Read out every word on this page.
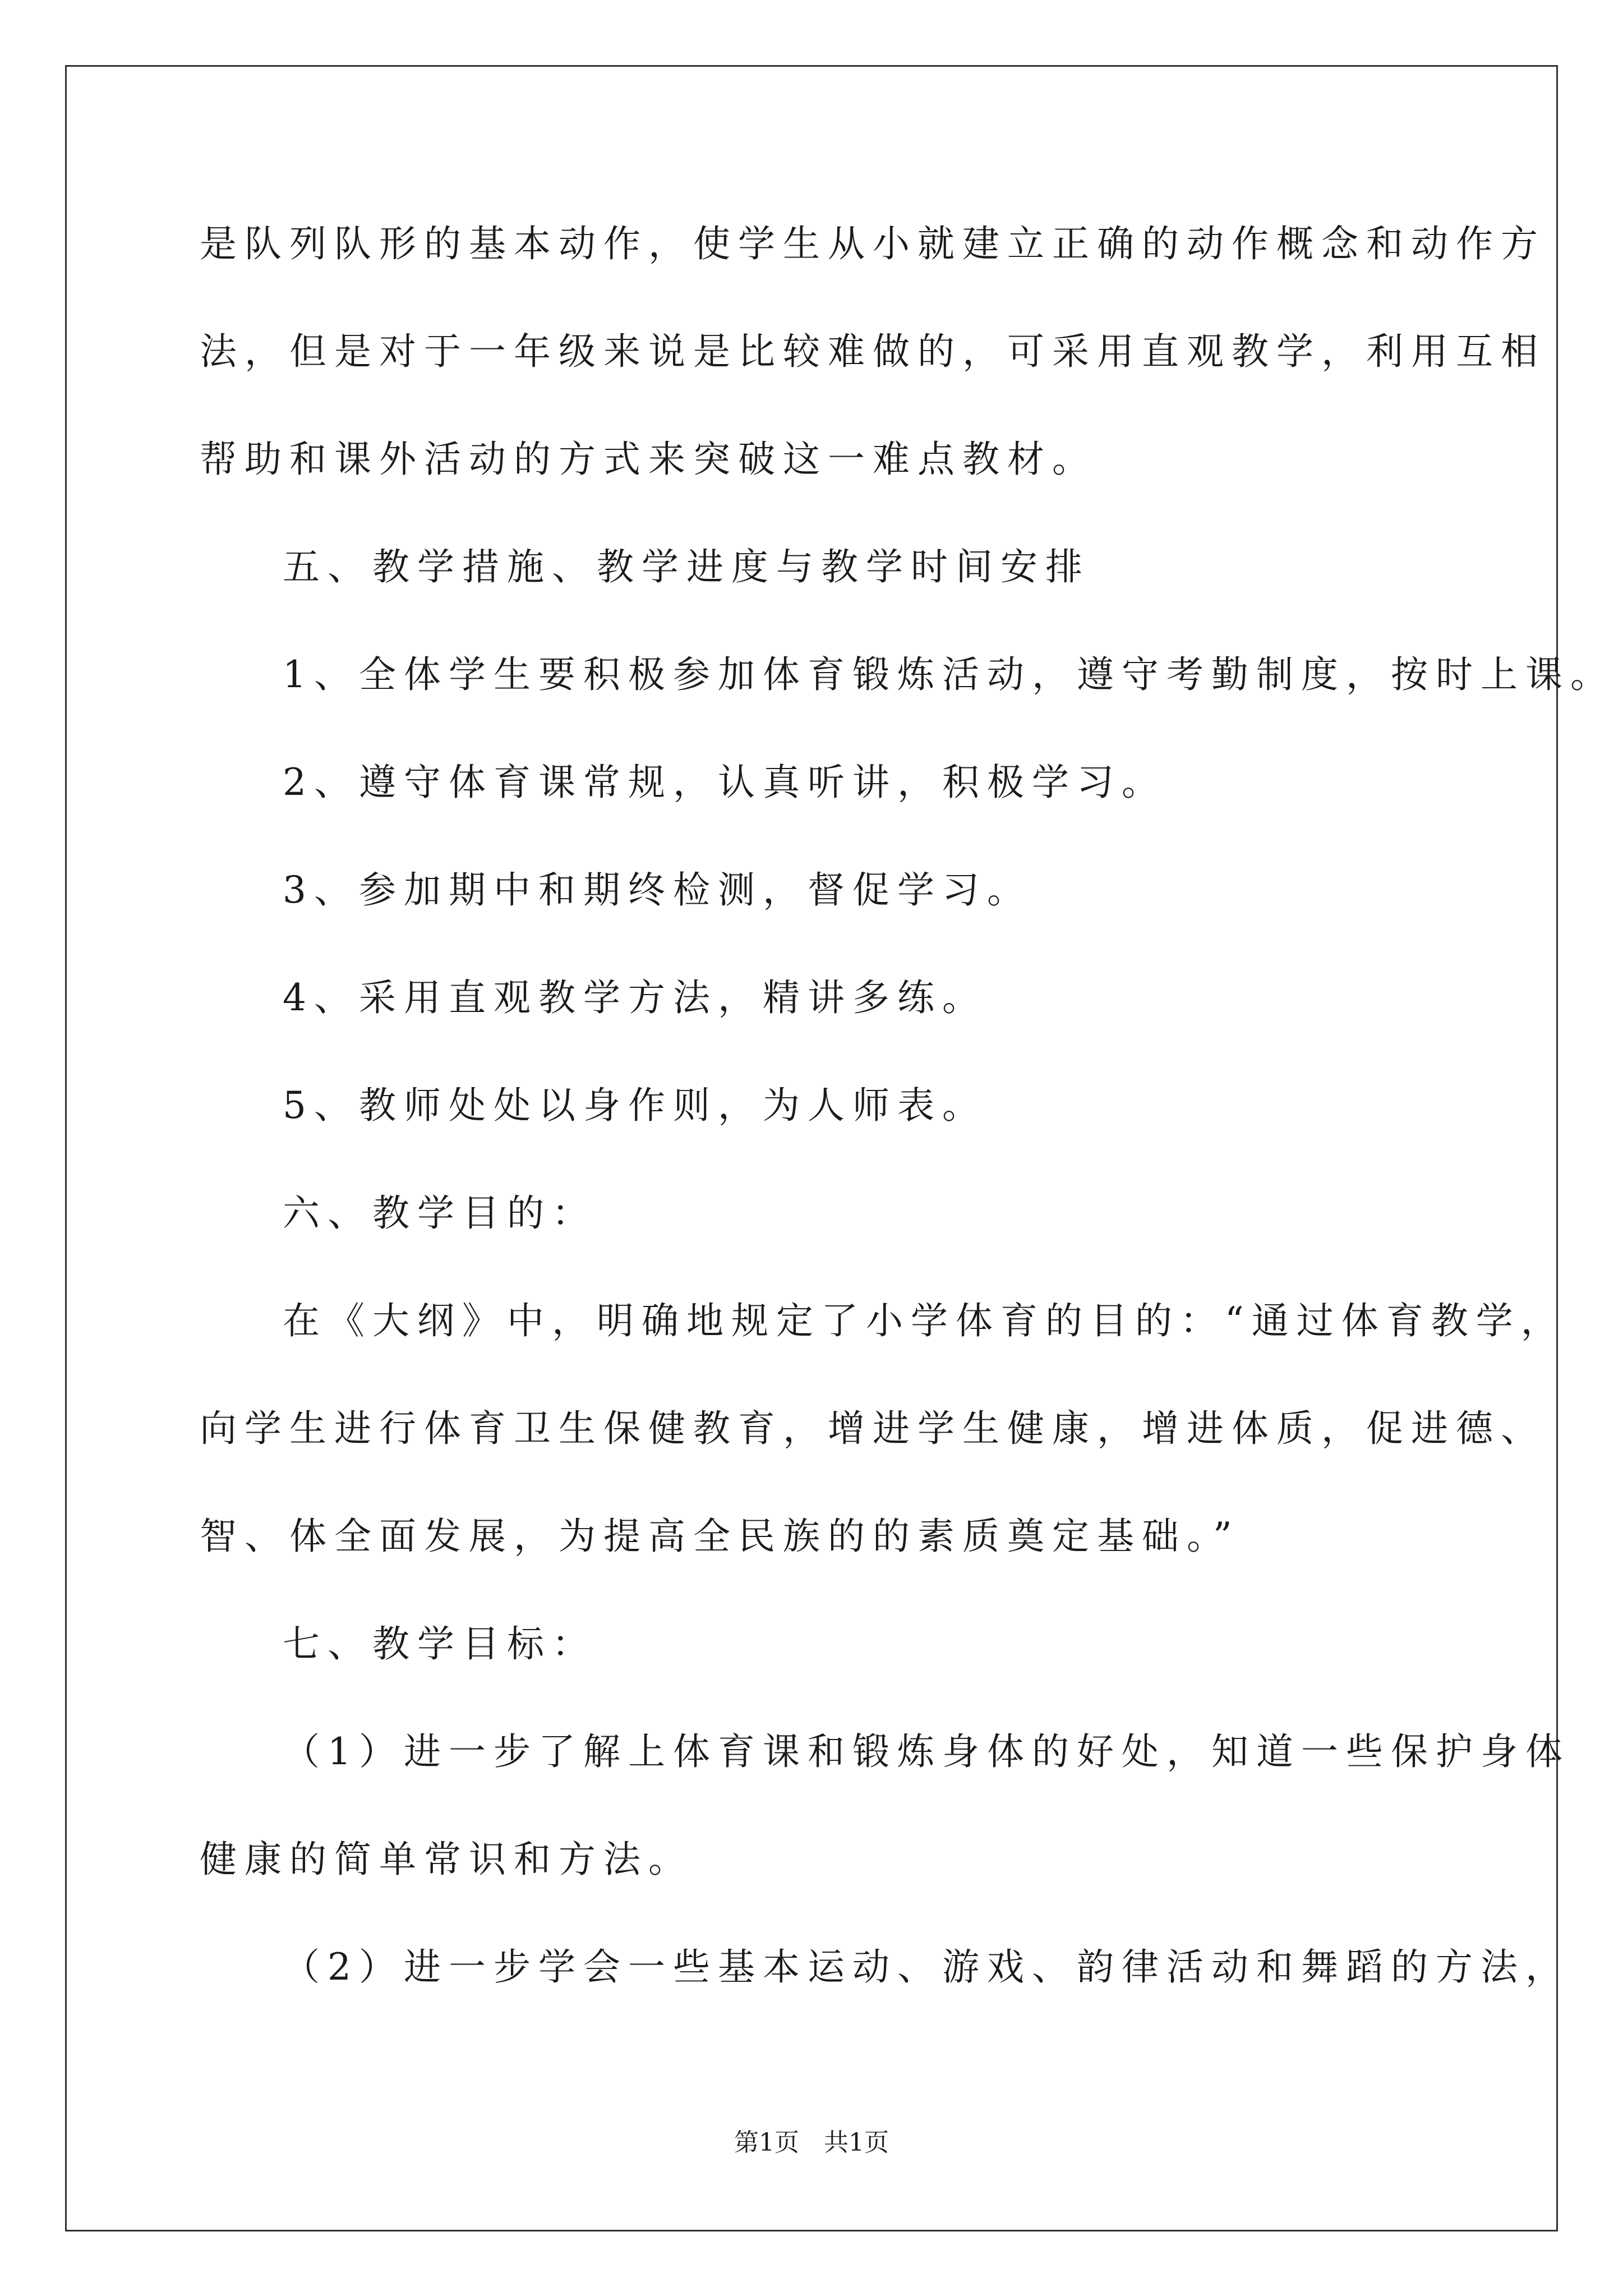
是队列队形的基本动作，使学生从小就建立正确的动作概念和动作方
法，但是对于一年级来说是比较难做的，可采用直观教学，利用互相
帮助和课外活动的方式来突破这一难点教材。
五、教学措施、教学进度与教学时间安排
1、全体学生要积极参加体育锻炼活动，遵守考勤制度，按时上课。
2、遵守体育课常规，认真听讲，积极学习。
3、参加期中和期终检测，督促学习。
4、采用直观教学方法，精讲多练。
5、教师处处以身作则，为人师表。
六、教学目的：
在《大纲》中，明确地规定了小学体育的目的：“通过体育教学，
向学生进行体育卫生保健教育，增进学生健康，增进体质，促进德、
智、体全面发展，为提高全民族的的素质奠定基础。”
七、教学目标：
（1）进一步了解上体育课和锻炼身体的好处，知道一些保护身体
健康的简单常识和方法。
（2）进一步学会一些基本运动、游戏、韵律活动和舞蹈的方法，
第1页　共1页
